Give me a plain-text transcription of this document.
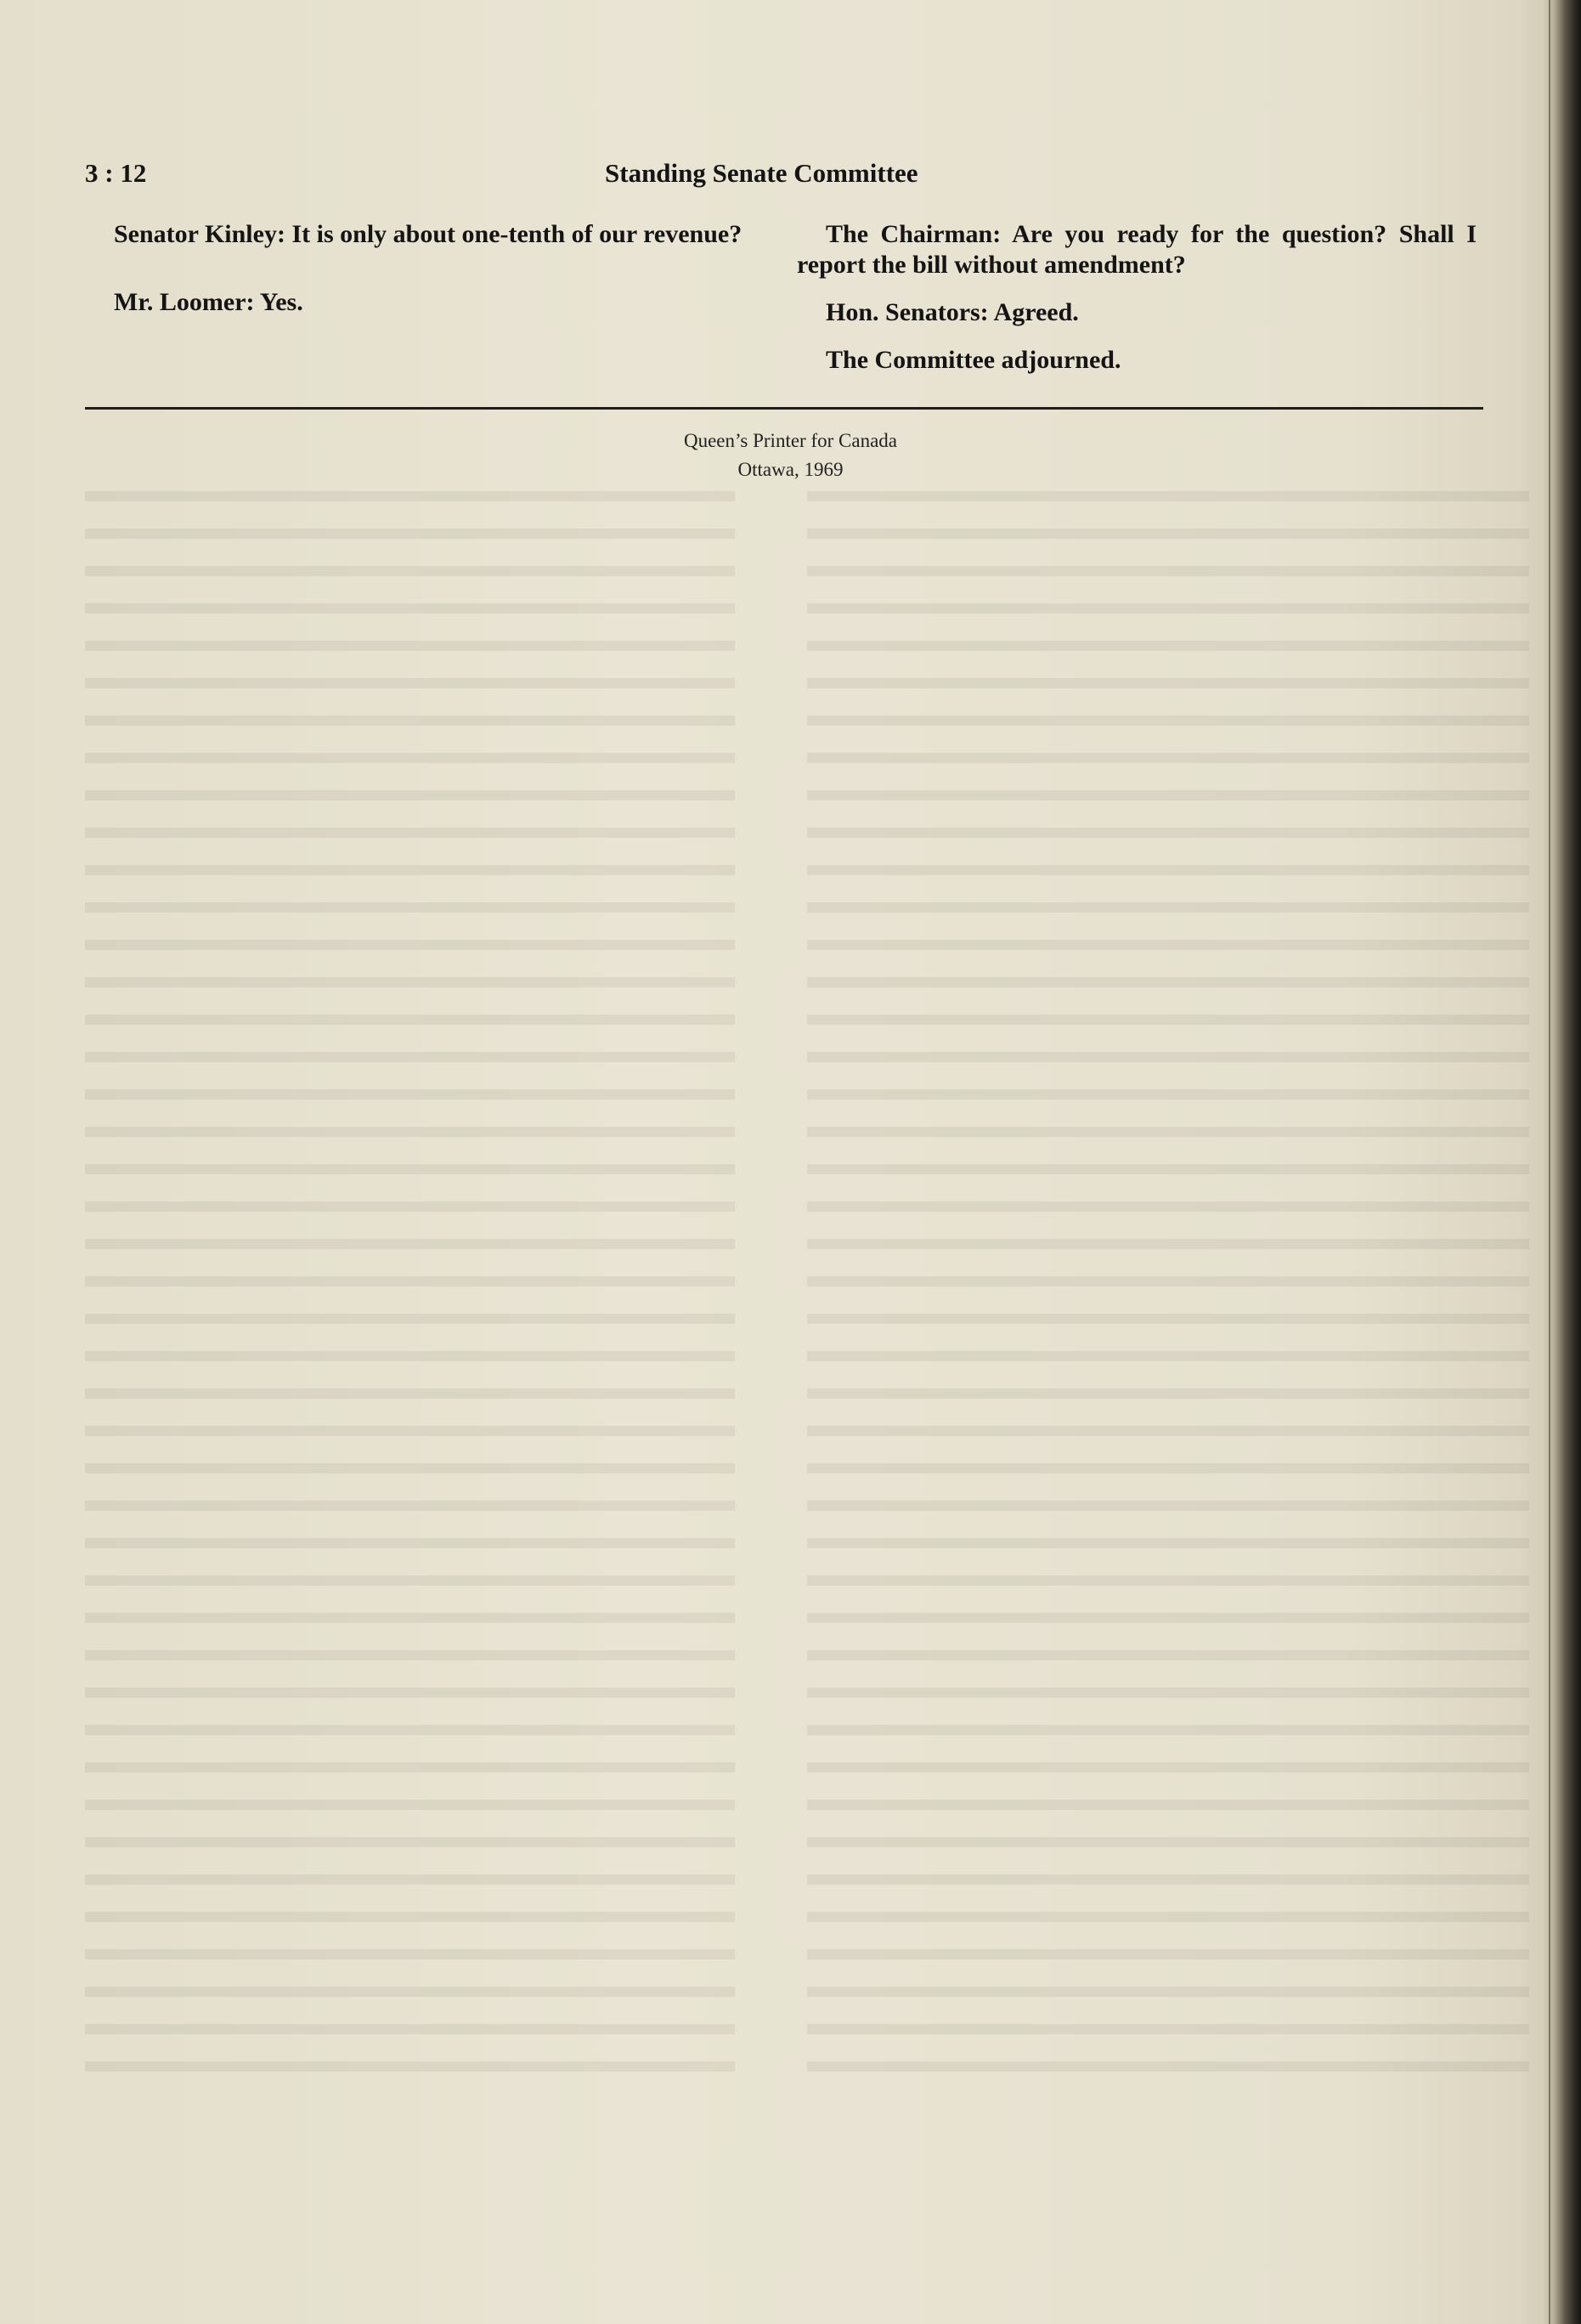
3 : 12	Standing Senate Committee

Senator Kinley: It is only about one-tenth of our revenue?

Mr. Loomer: Yes.

The Chairman: Are you ready for the question? Shall I report the bill without amendment?

Hon. Senators: Agreed.

The Committee adjourned.

Queen’s Printer for Canada
Ottawa, 1969
